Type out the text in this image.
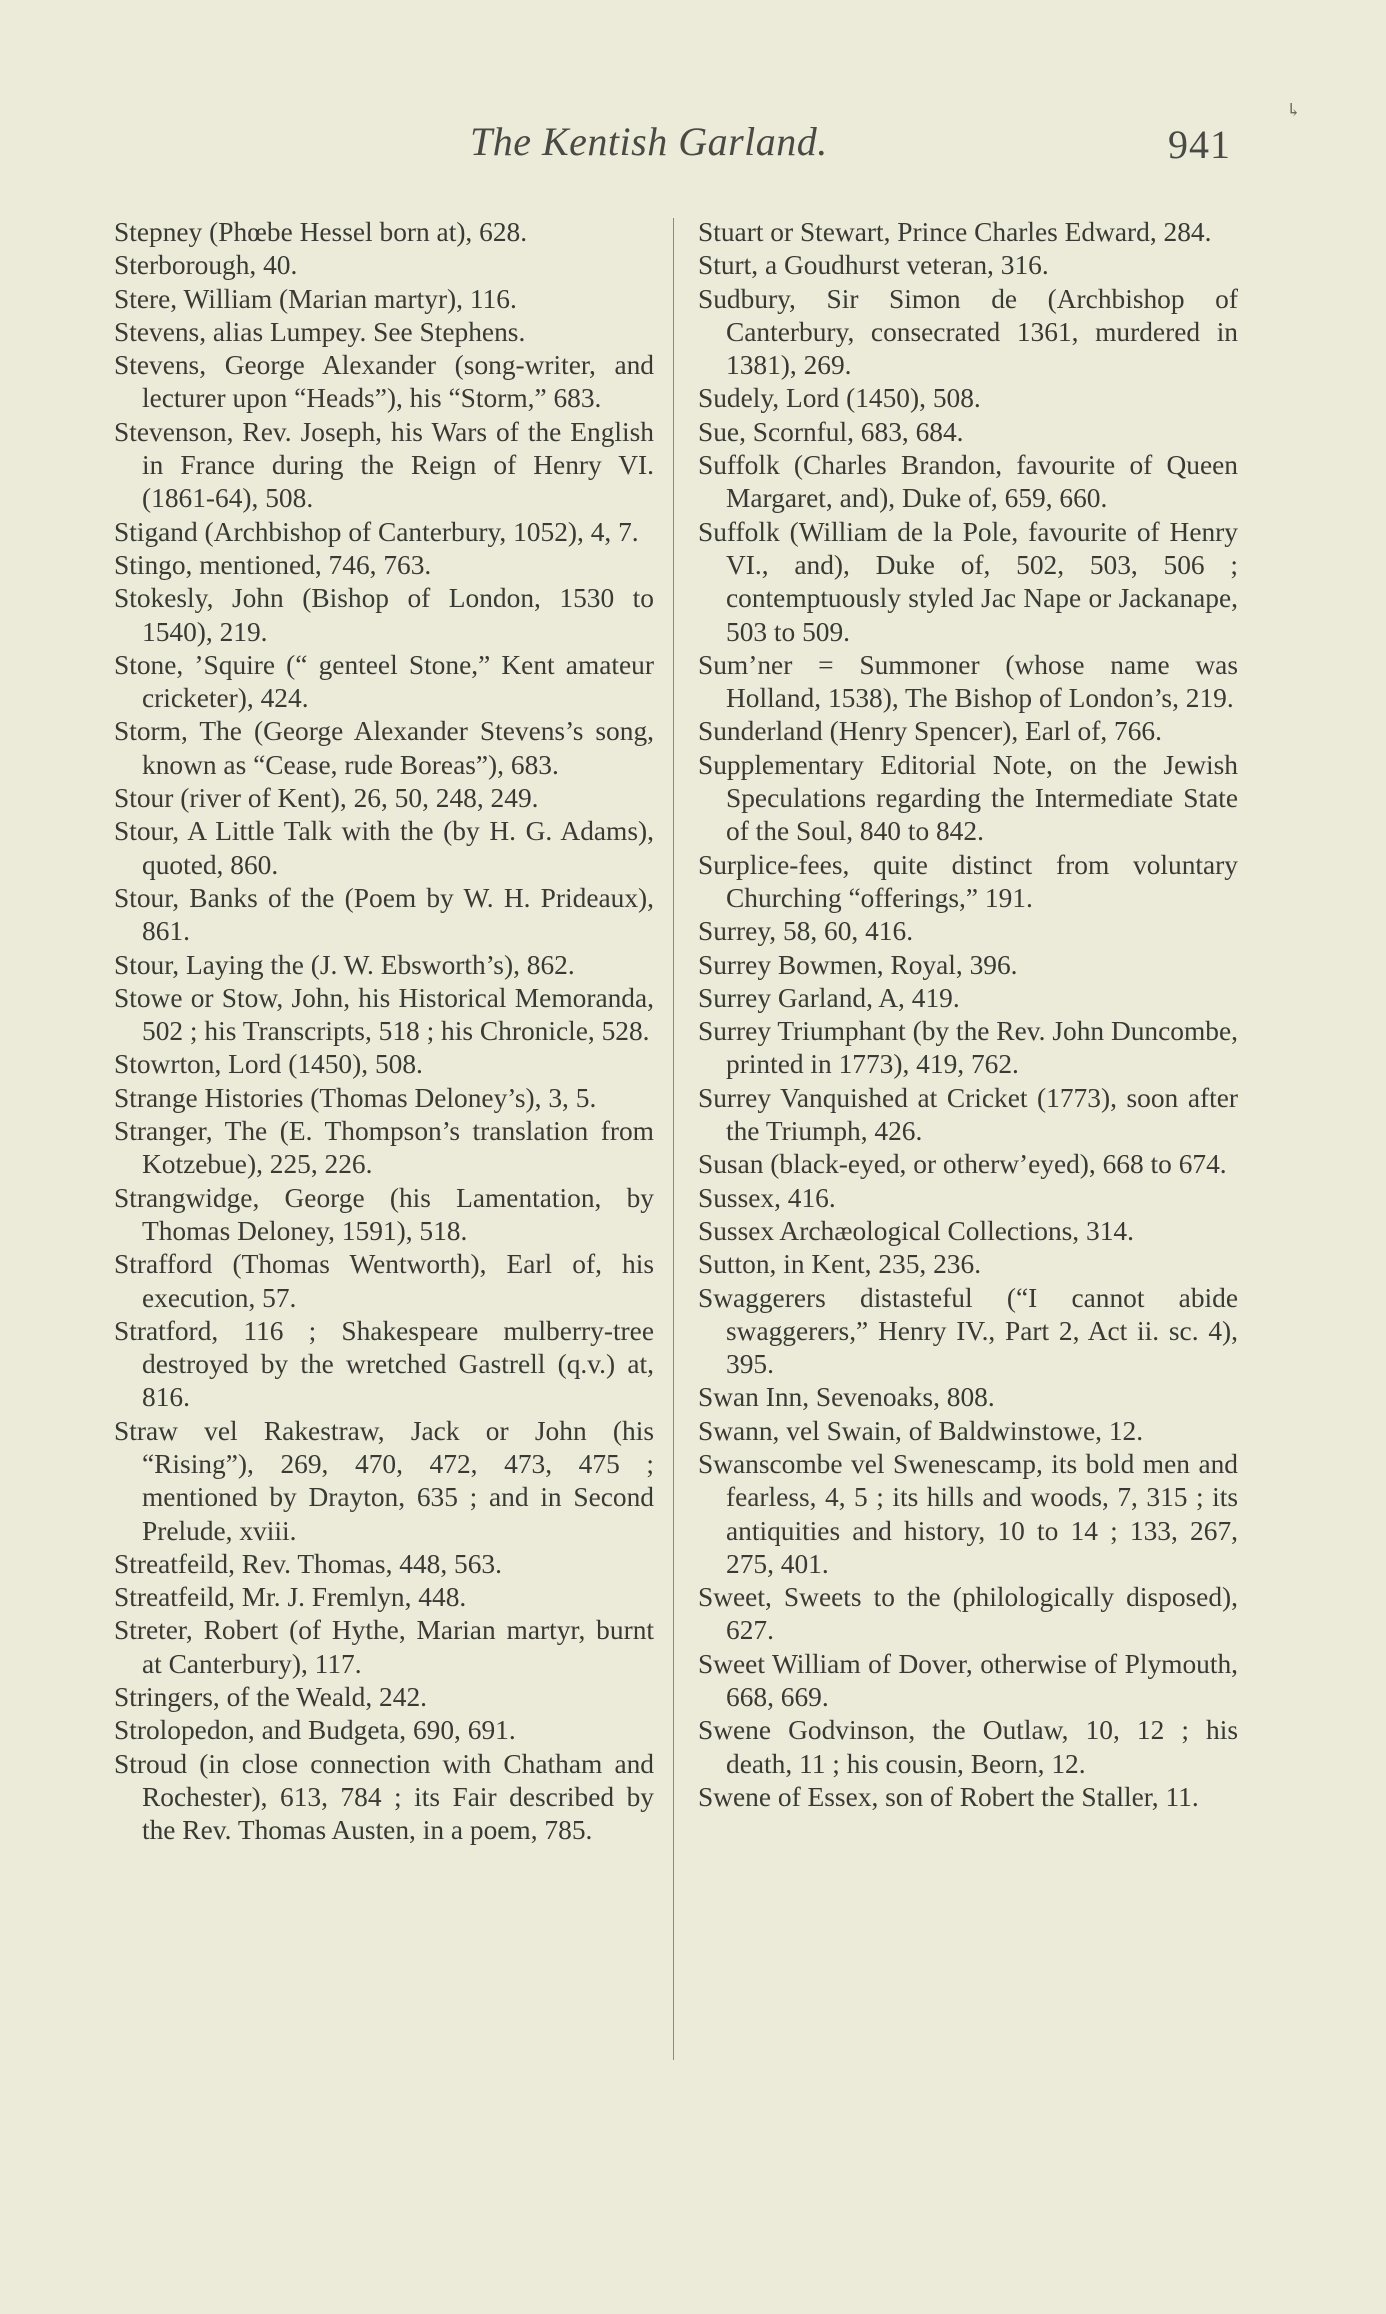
The Kentish Garland.	941
↳

Stepney (Phœbe Hessel born at), 628.

Sterborough, 40.

Stere, William (Marian martyr), 116.

Stevens, alias Lumpey. See Stephens.

Stevens, George Alexander (song-writer, and lecturer upon “Heads”), his “Storm,” 683.

Stevenson, Rev. Joseph, his Wars of the English in France during the Reign of Henry VI. (1861-64), 508.

Stigand (Archbishop of Canterbury, 1052), 4, 7.

Stingo, mentioned, 746, 763.

Stokesly, John (Bishop of London, 1530 to 1540), 219.

Stone, ’Squire (“ genteel Stone,” Kent amateur cricketer), 424.

Storm, The (George Alexander Stevens’s song, known as “Cease, rude Boreas”), 683.

Stour (river of Kent), 26, 50, 248, 249.

Stour, A Little Talk with the (by H. G. Adams), quoted, 860.

Stour, Banks of the (Poem by W. H. Prideaux), 861.

Stour, Laying the (J. W. Ebsworth’s), 862.

Stowe or Stow, John, his Historical Memoranda, 502 ; his Transcripts, 518 ; his Chronicle, 528.

Stowrton, Lord (1450), 508.

Strange Histories (Thomas Deloney’s), 3, 5.

Stranger, The (E. Thompson’s translation from Kotzebue), 225, 226.

Strangwidge, George (his Lamentation, by Thomas Deloney, 1591), 518.

Strafford (Thomas Wentworth), Earl of, his execution, 57.

Stratford, 116 ; Shakespeare mulberry-tree destroyed by the wretched Gastrell (q.v.) at, 816.

Straw vel Rakestraw, Jack or John (his “Rising”), 269, 470, 472, 473, 475 ; mentioned by Drayton, 635 ; and in Second Prelude, xviii.

Streatfeild, Rev. Thomas, 448, 563.

Streatfeild, Mr. J. Fremlyn, 448.

Streter, Robert (of Hythe, Marian martyr, burnt at Canterbury), 117.

Stringers, of the Weald, 242.

Strolopedon, and Budgeta, 690, 691.

Stroud (in close connection with Chatham and Rochester), 613, 784 ; its Fair described by the Rev. Thomas Austen, in a poem, 785.

Stuart or Stewart, Prince Charles Edward, 284.

Sturt, a Goudhurst veteran, 316.

Sudbury, Sir Simon de (Archbishop of Canterbury, consecrated 1361, murdered in 1381), 269.

Sudely, Lord (1450), 508.

Sue, Scornful, 683, 684.

Suffolk (Charles Brandon, favourite of Queen Margaret, and), Duke of, 659, 660.

Suffolk (William de la Pole, favourite of Henry VI., and), Duke of, 502, 503, 506 ; contemptuously styled Jac Nape or Jackanape, 503 to 509.

Sum’ner = Summoner (whose name was Holland, 1538), The Bishop of London’s, 219.

Sunderland (Henry Spencer), Earl of, 766.

Supplementary Editorial Note, on the Jewish Speculations regarding the Intermediate State of the Soul, 840 to 842.

Surplice-fees, quite distinct from voluntary Churching “offerings,” 191.

Surrey, 58, 60, 416.

Surrey Bowmen, Royal, 396.

Surrey Garland, A, 419.

Surrey Triumphant (by the Rev. John Duncombe, printed in 1773), 419, 762.

Surrey Vanquished at Cricket (1773), soon after the Triumph, 426.

Susan (black-eyed, or otherw’eyed), 668 to 674.

Sussex, 416.

Sussex Archæological Collections, 314.

Sutton, in Kent, 235, 236.

Swaggerers distasteful (“I cannot abide swaggerers,” Henry IV., Part 2, Act ii. sc. 4), 395.

Swan Inn, Sevenoaks, 808.

Swann, vel Swain, of Baldwinstowe, 12.

Swanscombe vel Swenescamp, its bold men and fearless, 4, 5 ; its hills and woods, 7, 315 ; its antiquities and history, 10 to 14 ; 133, 267, 275, 401.

Sweet, Sweets to the (philologically disposed), 627.

Sweet William of Dover, otherwise of Plymouth, 668, 669.

Swene Godvinson, the Outlaw, 10, 12 ; his death, 11 ; his cousin, Beorn, 12.

Swene of Essex, son of Robert the Staller, 11.
